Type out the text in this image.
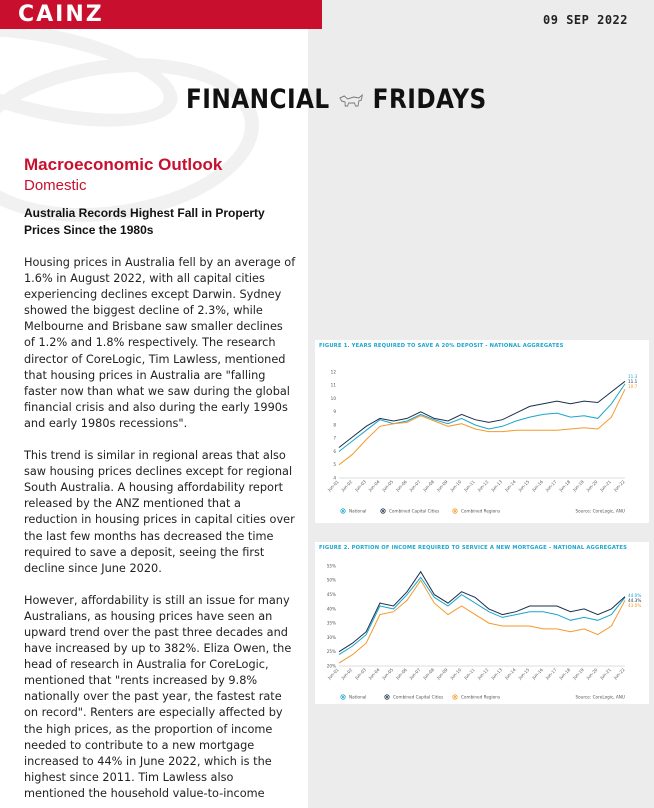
CAINZ	09 SEP 2022
FINANCIAL FRIDAYS
Macroeconomic Outlook
Domestic
Australia Records Highest Fall in Property Prices Since the 1980s

Housing prices in Australia fell by an average of 1.6% in August 2022, with all capital cities experiencing declines except Darwin. Sydney showed the biggest decline of 2.3%, while Melbourne and Brisbane saw smaller declines of 1.2% and 1.8% respectively. The research director of CoreLogic, Tim Lawless, mentioned that housing prices in Australia are "falling faster now than what we saw during the global financial crisis and also during the early 1990s and early 1980s recessions".

This trend is similar in regional areas that also saw housing prices declines except for regional South Australia. A housing affordability report released by the ANZ mentioned that a reduction in housing prices in capital cities over the last few months has decreased the time required to save a deposit, seeing the first decline since June 2020.

However, affordability is still an issue for many Australians, as housing prices have seen an upward trend over the past three decades and have increased by up to 382%. Eliza Owen, the head of research in Australia for CoreLogic, mentioned that "rents increased by 9.8% nationally over the past year, the fastest rate on record". Renters are especially affected by the high prices, as the proportion of income needed to contribute to a new mortgage increased to 44% in June 2022, which is the highest since 2011. Tim Lawless also mentioned the household value-to-income

FIGURE 1. YEARS REQUIRED TO SAVE A 20% DEPOSIT - NATIONAL AGGREGATES
4
5
6
7
8
9
10
11
12
Jun-01 Jun-02 Jun-03 Jun-04 Jun-05 Jun-06 Jun-07 Jun-08 Jun-09 Jun-10 Jun-11 Jun-12 Jun-13 Jun-14 Jun-15 Jun-16 Jun-17 Jun-18 Jun-19 Jun-20 Jun-21 Jun-22
11.3
11.1
10.7
National	Combined Capital Cities	Combined Regions	Source: CoreLogic, ANU
FIGURE 2. PORTION OF INCOME REQUIRED TO SERVICE A NEW MORTGAGE - NATIONAL AGGREGATES
20%
25%
30%
35%
40%
45%
50%
55%
Jun-01 Jun-02 Jun-03 Jun-04 Jun-05 Jun-06 Jun-07 Jun-08 Jun-09 Jun-10 Jun-11 Jun-12 Jun-13 Jun-14 Jun-15 Jun-16 Jun-17 Jun-18 Jun-19 Jun-20 Jun-21 Jun-22
44.0%
44.3%
43.0%
National	Combined Capital Cities	Combined Regions	Source: CoreLogic, ANU
